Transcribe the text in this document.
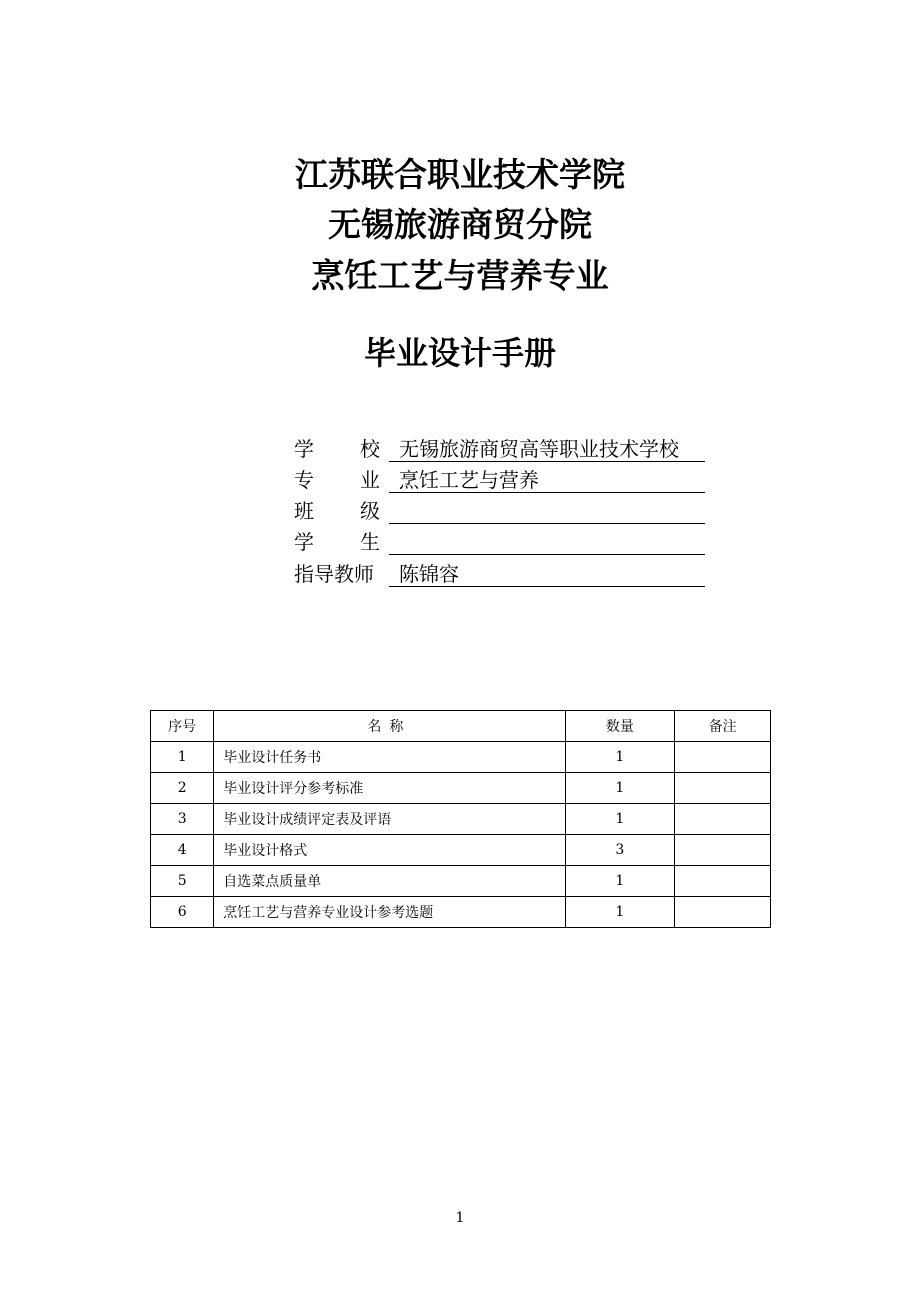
江苏联合职业技术学院
无锡旅游商贸分院
烹饪工艺与营养专业
毕业设计手册
学 校 无锡旅游商贸高等职业技术学校
专 业 烹饪工艺与营养
班 级
学 生
指导教师	陈锦容
序号	名称	数量	备注
1	毕业设计任务书	1	
2	毕业设计评分参考标准	1	
3	毕业设计成绩评定表及评语	1	
4	毕业设计格式	3	
5	自选菜点质量单	1	
6	烹饪工艺与营养专业设计参考选题	1	
1
